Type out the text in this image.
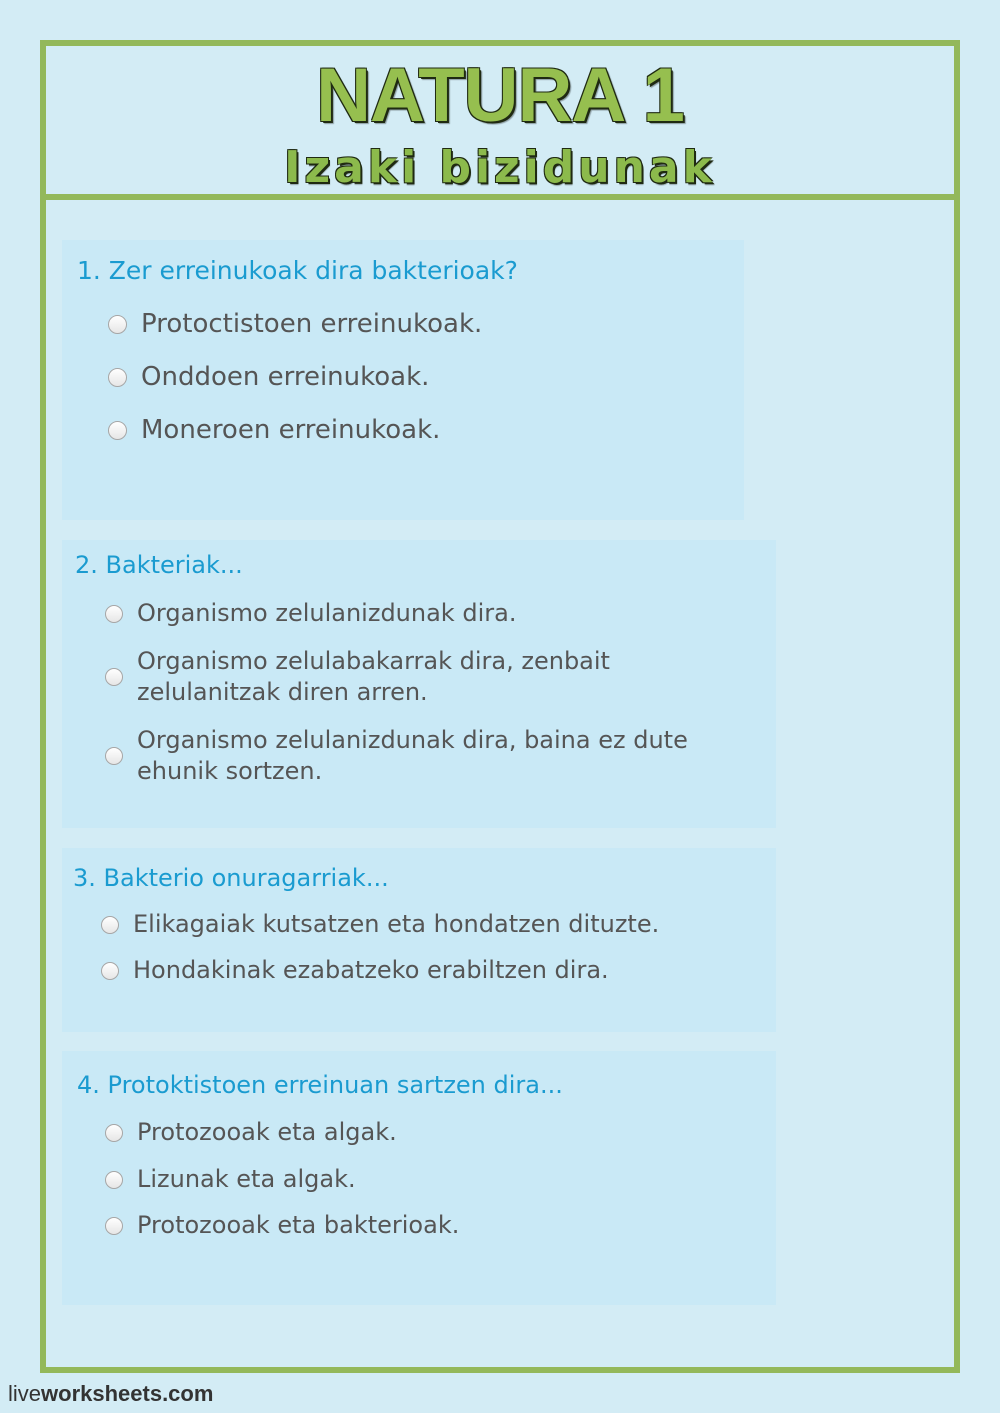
NATURA 1
Izaki bizidunak
1. Zer erreinukoak dira bakterioak?
Protoctistoen erreinukoak.
Onddoen erreinukoak.
Moneroen erreinukoak.
2. Bakteriak...
Organismo zelulanizdunak dira.
Organismo zelulabakarrak dira, zenbait zelulanitzak diren arren.
Organismo zelulanizdunak dira, baina ez dute ehunik sortzen.
3. Bakterio onuragarriak...
Elikagaiak kutsatzen eta hondatzen dituzte.
Hondakinak ezabatzeko erabiltzen dira.
4. Protoktistoen erreinuan sartzen dira...
Protozooak eta algak.
Lizunak eta algak.
Protozooak eta bakterioak.
liveworksheets.com
